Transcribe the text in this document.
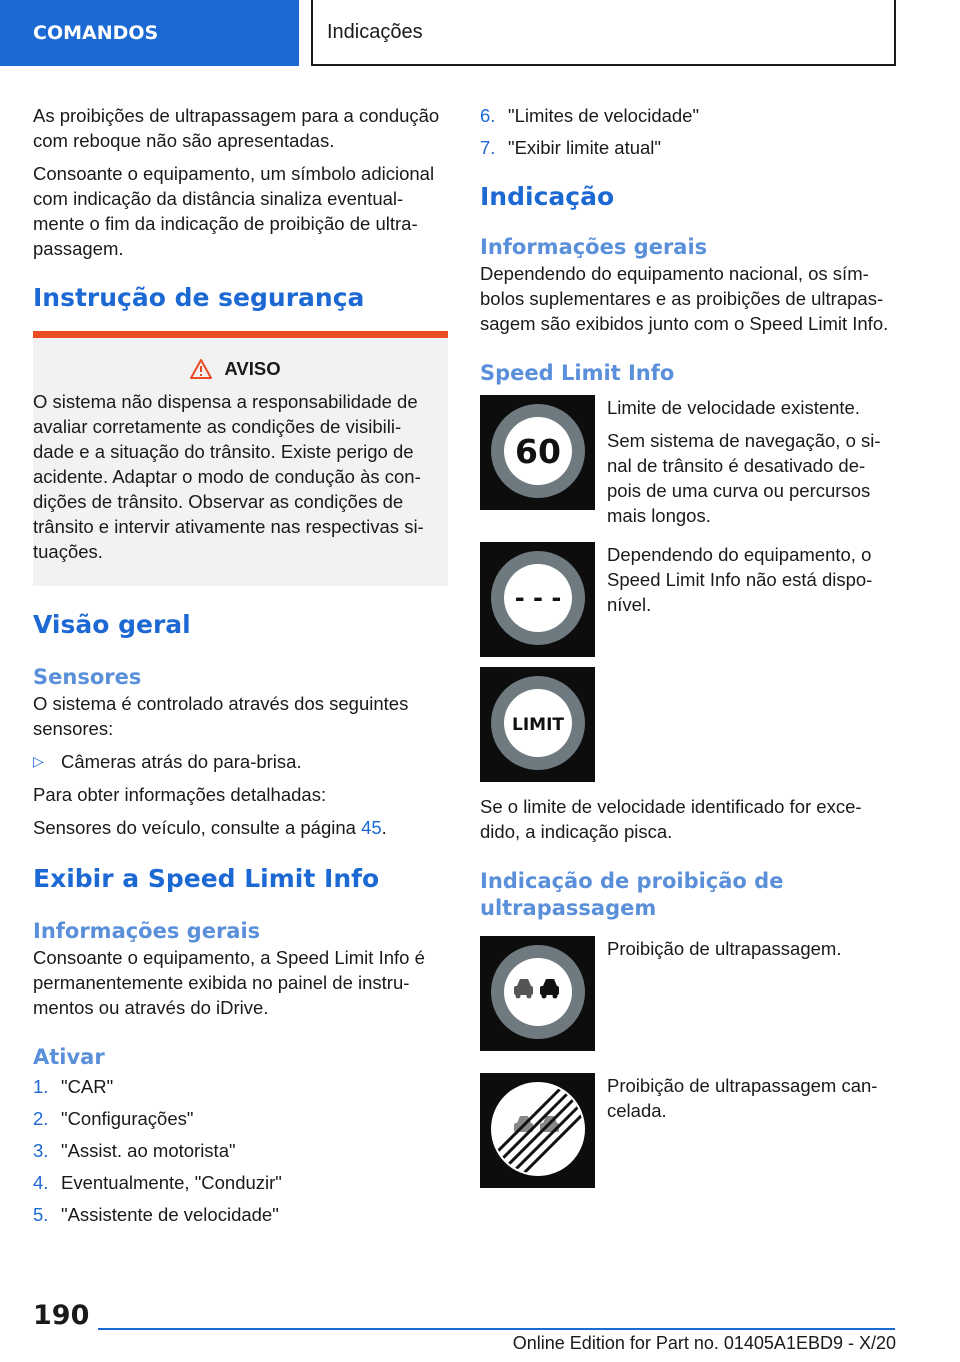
COMANDOS	Indicações

As proibições de ultrapassagem para a condução com reboque não são apresentadas.

Consoante o equipamento, um símbolo adicional com indicação da distância sinaliza eventual-mente o fim da indicação de proibição de ultra-passagem.

Instrução de segurança
AVISO

O sistema não dispensa a responsabilidade de avaliar corretamente as condições de visibili-dade e a situação do trânsito. Existe perigo de acidente. Adaptar o modo de condução às con-dições de trânsito. Observar as condições de trânsito e intervir ativamente nas respectivas si-tuações.

Visão geral
Sensores

O sistema é controlado através dos seguintes sensores:

▷ Câmeras atrás do para-brisa.

Para obter informações detalhadas:

Sensores do veículo, consulte a página 45.

Exibir a Speed Limit Info
Informações gerais

Consoante o equipamento, a Speed Limit Info é permanentemente exibida no painel de instru-mentos ou através do iDrive.

Ativar
1. "CAR"
2. "Configurações"
3. "Assist. ao motorista"
4. Eventualmente, "Conduzir"
5. "Assistente de velocidade"
6. "Limites de velocidade"
7. "Exibir limite atual"
Indicação
Informações gerais

Dependendo do equipamento nacional, os sím-bolos suplementares e as proibições de ultrapas-sagem são exibidos junto com o Speed Limit Info.

Speed Limit Info
60

Limite de velocidade existente.

Sem sistema de navegação, o si-nal de trânsito é desativado de-pois de uma curva ou percursos mais longos.

- - -

Dependendo do equipamento, o Speed Limit Info não está dispo-nível.

LIMIT

Se o limite de velocidade identificado for exce-dido, a indicação pisca.

Indicação de proibição de ultrapassagem

Proibição de ultrapassagem.

Proibição de ultrapassagem can-celada.

190
Online Edition for Part no. 01405A1EBD9 - X/20
